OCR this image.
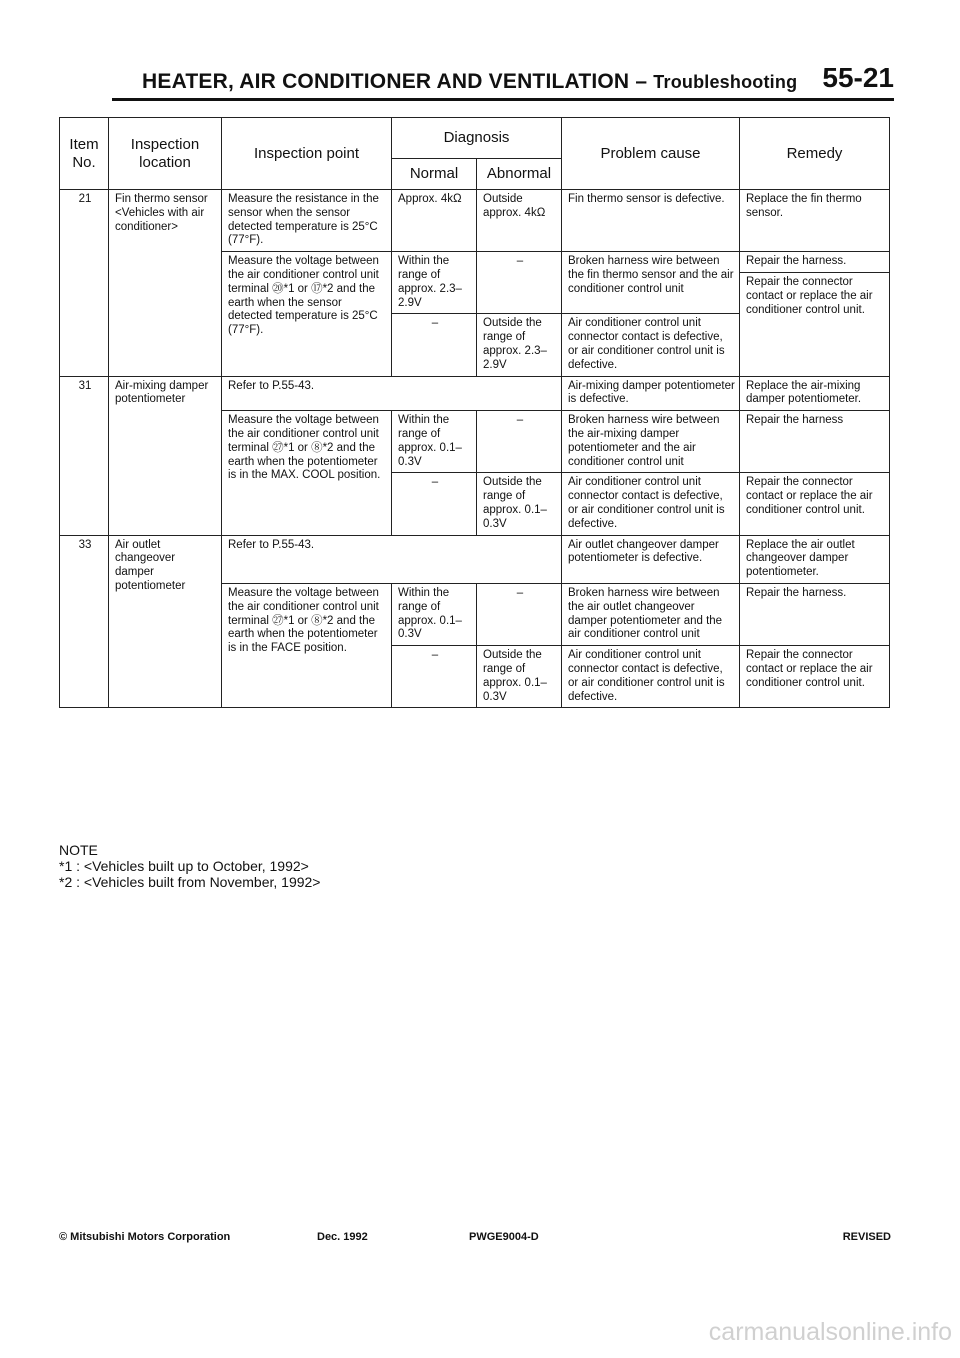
HEATER, AIR CONDITIONER AND VENTILATION – Troubleshooting 55-21
Item No.	Inspection location	Inspection point	Diagnosis		Problem cause	Remedy
			Normal	Abnormal		
21	Fin thermo sensor <Vehicles with air conditioner>	Measure the resistance in the sensor when the sensor detected temperature is 25°C (77°F).	Approx. 4kΩ	Outside approx. 4kΩ	Fin thermo sensor is defective.	Replace the fin thermo sensor.
		Measure the voltage between the air conditioner control unit terminal ⑳*1 or ⑰*2 and the earth when the sensor detected temperature is 25°C (77°F).	Within the range of approx. 2.3–2.9V	–	Broken harness wire between the fin thermo sensor and the air conditioner control unit	Repair the harness.
						Repair the connector contact or replace the air conditioner control unit.
			–	Outside the range of approx. 2.3–2.9V	Air conditioner control unit connector contact is defective, or air conditioner control unit is defective.	
31	Air-mixing damper potentiometer	Refer to P.55-43.			Air-mixing damper potentiometer is defective.	Replace the air-mixing damper potentiometer.
		Measure the voltage between the air conditioner control unit terminal ㉗*1 or ⑧*2 and the earth when the potentiometer is in the MAX. COOL position.	Within the range of approx. 0.1–0.3V	–	Broken harness wire between the air-mixing damper potentiometer and the air conditioner control unit	Repair the harness
			–	Outside the range of approx. 0.1–0.3V	Air conditioner control unit connector contact is defective, or air conditioner control unit is defective.	Repair the connector contact or replace the air conditioner control unit.
33	Air outlet changeover damper potentiometer	Refer to P.55-43.			Air outlet changeover damper potentiometer is defective.	Replace the air outlet changeover damper potentiometer.
		Measure the voltage between the air conditioner control unit terminal ㉗*1 or ⑧*2 and the earth when the potentiometer is in the FACE position.	Within the range of approx. 0.1–0.3V	–	Broken harness wire between the air outlet changeover damper potentiometer and the air conditioner control unit	Repair the harness.
			–	Outside the range of approx. 0.1–0.3V	Air conditioner control unit connector contact is defective, or air conditioner control unit is defective.	Repair the connector contact or replace the air conditioner control unit.
NOTE
*1 : <Vehicles built up to October, 1992>
*2 : <Vehicles built from November, 1992>
© Mitsubishi Motors Corporation	Dec. 1992	PWGE9004-D	REVISED
carmanualsonline.info
